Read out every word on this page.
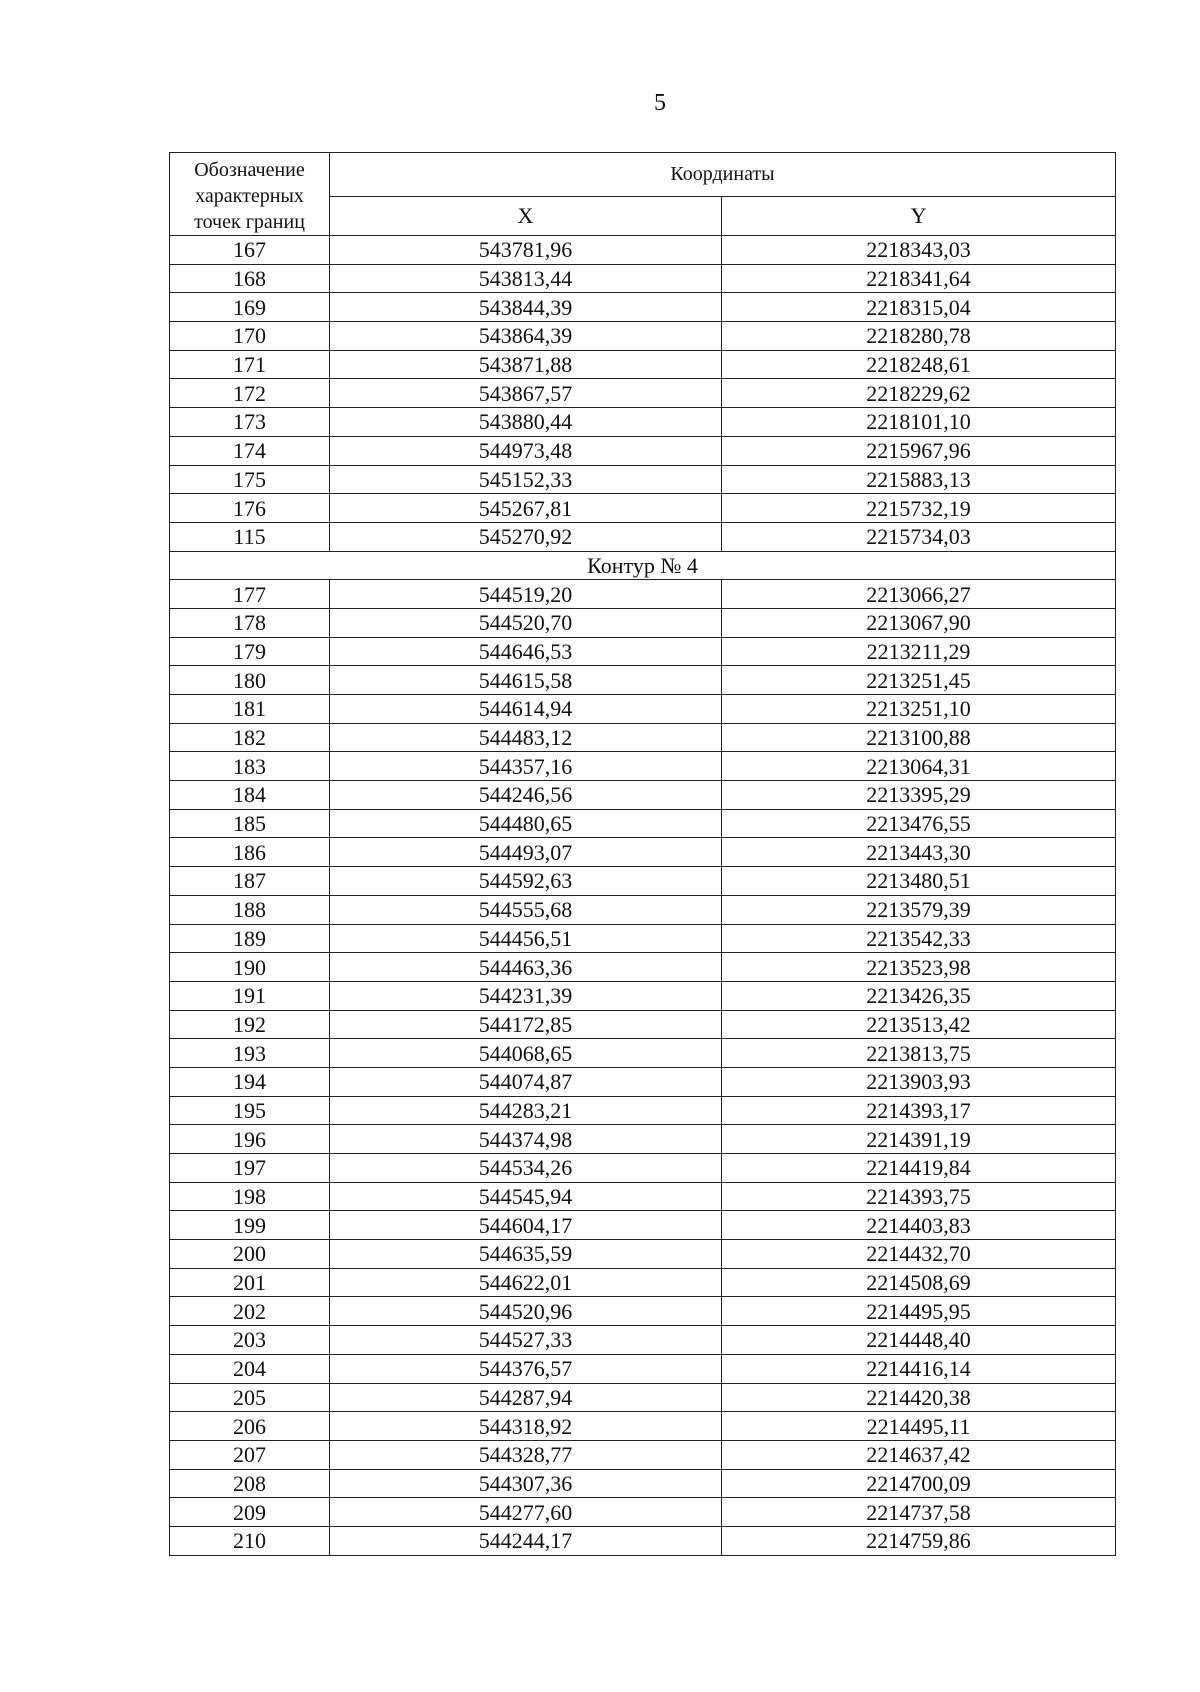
5
Обозначение характерных точек границ	Координаты	
	X	Y
167	543781,96	2218343,03
168	543813,44	2218341,64
169	543844,39	2218315,04
170	543864,39	2218280,78
171	543871,88	2218248,61
172	543867,57	2218229,62
173	543880,44	2218101,10
174	544973,48	2215967,96
175	545152,33	2215883,13
176	545267,81	2215732,19
115	545270,92	2215734,03
Контур № 4		
177	544519,20	2213066,27
178	544520,70	2213067,90
179	544646,53	2213211,29
180	544615,58	2213251,45
181	544614,94	2213251,10
182	544483,12	2213100,88
183	544357,16	2213064,31
184	544246,56	2213395,29
185	544480,65	2213476,55
186	544493,07	2213443,30
187	544592,63	2213480,51
188	544555,68	2213579,39
189	544456,51	2213542,33
190	544463,36	2213523,98
191	544231,39	2213426,35
192	544172,85	2213513,42
193	544068,65	2213813,75
194	544074,87	2213903,93
195	544283,21	2214393,17
196	544374,98	2214391,19
197	544534,26	2214419,84
198	544545,94	2214393,75
199	544604,17	2214403,83
200	544635,59	2214432,70
201	544622,01	2214508,69
202	544520,96	2214495,95
203	544527,33	2214448,40
204	544376,57	2214416,14
205	544287,94	2214420,38
206	544318,92	2214495,11
207	544328,77	2214637,42
208	544307,36	2214700,09
209	544277,60	2214737,58
210	544244,17	2214759,86
